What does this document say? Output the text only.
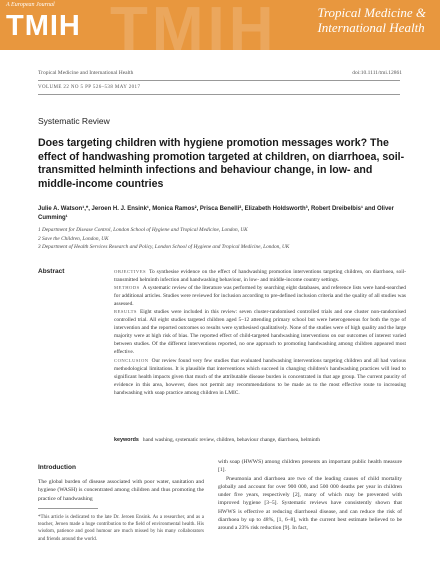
TMIH
A European Journal
TMIH	Tropical Medicine &
International Health
Tropical Medicine and International Health	doi:10.1111/tmi.12861
VOLUME 22 NO 5 PP 526–538 MAY 2017
Systematic Review
Does targeting children with hygiene promotion messages work? The effect of handwashing promotion targeted at children, on diarrhoea, soil-transmitted helminth infections and behaviour change, in low- and middle-income countries
Julie A. Watson¹,*, Jeroen H. J. Ensink¹, Monica Ramos², Prisca Benelli², Elizabeth Holdsworth³, Robert Dreibelbis¹ and Oliver Cumming¹
1 Department for Disease Control, London School of Hygiene and Tropical Medicine, London, UK
2 Save the Children, London, UK
3 Department of Health Services Research and Policy, London School of Hygiene and Tropical Medicine, London, UK
Abstract	OBJECTIVES To synthesise evidence on the effect of handwashing promotion interventions targeting children, on diarrhoea, soil-transmitted helminth infection and handwashing behaviour, in low- and middle-income country settings.

METHODS A systematic review of the literature was performed by searching eight databases, and reference lists were hand-searched for additional articles. Studies were reviewed for inclusion according to pre-defined inclusion criteria and the quality of all studies was assessed.

RESULTS Eight studies were included in this review: seven cluster-randomised controlled trials and one cluster non-randomised controlled trial. All eight studies targeted children aged 5–12 attending primary school but were heterogeneous for both the type of intervention and the reported outcomes so results were synthesised qualitatively. None of the studies were of high quality and the large majority were at high risk of bias. The reported effect of child-targeted handwashing interventions on our outcomes of interest varied between studies. Of the different interventions reported, no one approach to promoting handwashing among children appeared most effective.

CONCLUSION Our review found very few studies that evaluated handwashing interventions targeting children and all had various methodological limitations. It is plausible that interventions which succeed in changing children's handwashing practices will lead to significant health impacts given that much of the attributable disease burden is concentrated in that age group. The current paucity of evidence in this area, however, does not permit any recommendations to be made as to the most effective route to increasing handwashing with soap practice among children in LMIC.

keywords hand washing, systematic review, children, behaviour change, diarrhoea, helminth
Introduction
The global burden of disease associated with poor water, sanitation and hygiene (WASH) is concentrated among children and thus promoting the practice of handwashing
*This article is dedicated to the late Dr. Jeroen Ensink. As a researcher, and as a teacher, Jeroen made a huge contribution to the field of environmental health. His wisdom, patience and good humour are much missed by his many collaborators and friends around the world.

with soap (HWWS) among children presents an important public health measure [1].

Pneumonia and diarrhoea are two of the leading causes of child mortality globally and account for over 900 000, and 500 000 deaths per year in children under five years, respectively [2], many of which may be prevented with improved hygiene [3–5]. Systematic reviews have consistently shown that HWWS is effective at reducing diarrhoeal disease, and can reduce the risk of diarrhoea by up to 48%, [1, 6–8], with the current best estimate believed to be around a 23% risk reduction [9]. In fact,
